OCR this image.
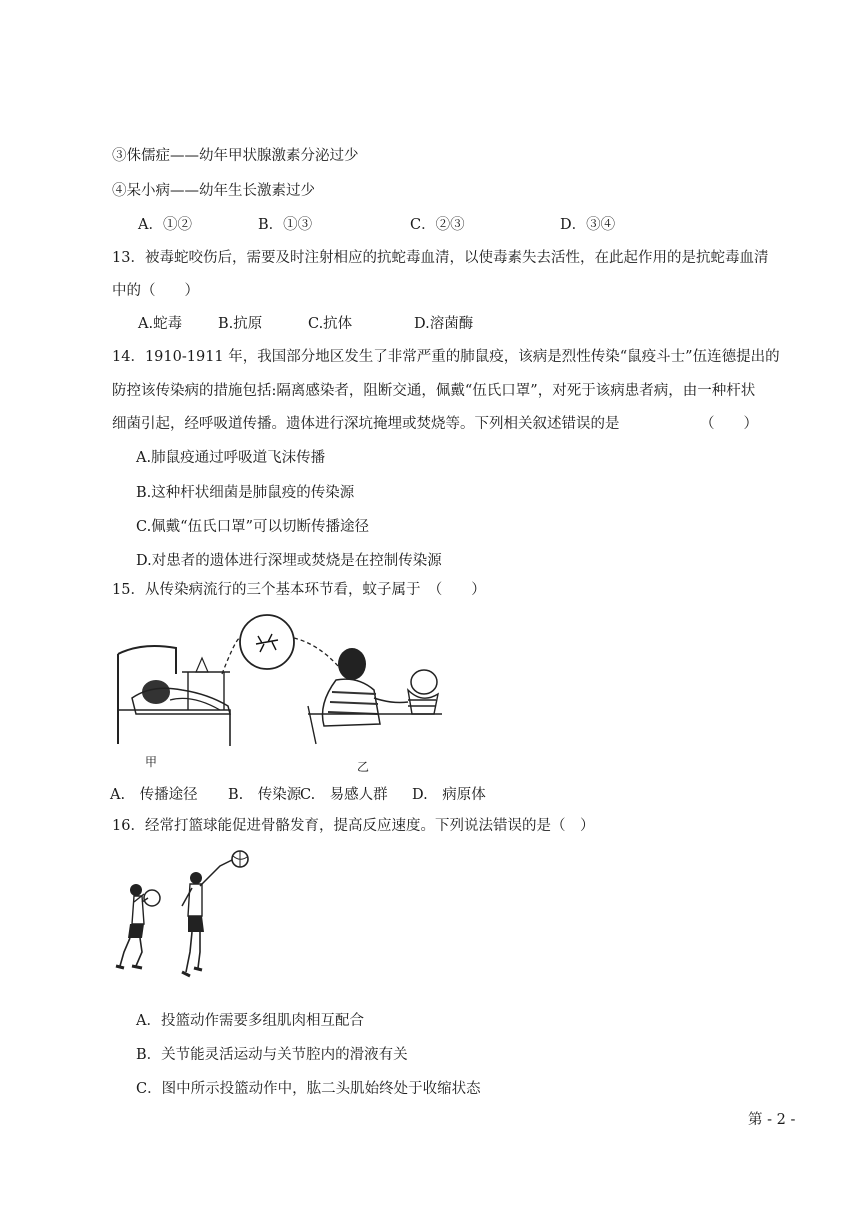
③侏儒症——幼年甲状腺激素分泌过少
④呆小病——幼年生长激素过少
A．①②	B．①③	C．②③	D．③④
13．被毒蛇咬伤后，需要及时注射相应的抗蛇毒血清，以使毒素失去活性，在此起作用的是抗蛇毒血清
中的（　　）
A.蛇毒 B.抗原	C.抗体	D.溶菌酶
14．1910-1911 年，我国部分地区发生了非常严重的肺鼠疫，该病是烈性传染“鼠疫斗士”伍连德提出的
防控该传染病的措施包括:隔离感染者，阻断交通，佩戴“伍氏口罩”，对死于该病患者病，由一种杆状
细菌引起，经呼吸道传播。遗体进行深坑掩埋或焚烧等。下列相关叙述错误的是	（　　）
A.肺鼠疫通过呼吸道飞沫传播
B.这种杆状细菌是肺鼠疫的传染源
C.佩戴“伍氏口罩”可以切断传播途径
D.对患者的遗体进行深埋或焚烧是在控制传染源
15．从传染病流行的三个基本环节看，蚊子属于　（　　）
甲	乙
A.　传播途径 B.　传染源
C.　易感人群 D.　病原体
16．经常打篮球能促进骨骼发育，提高反应速度。下列说法错误的是（　）
A．投篮动作需要多组肌肉相互配合
B．关节能灵活运动与关节腔内的滑液有关
C．图中所示投篮动作中，肱二头肌始终处于收缩状态
第 - 2 -
